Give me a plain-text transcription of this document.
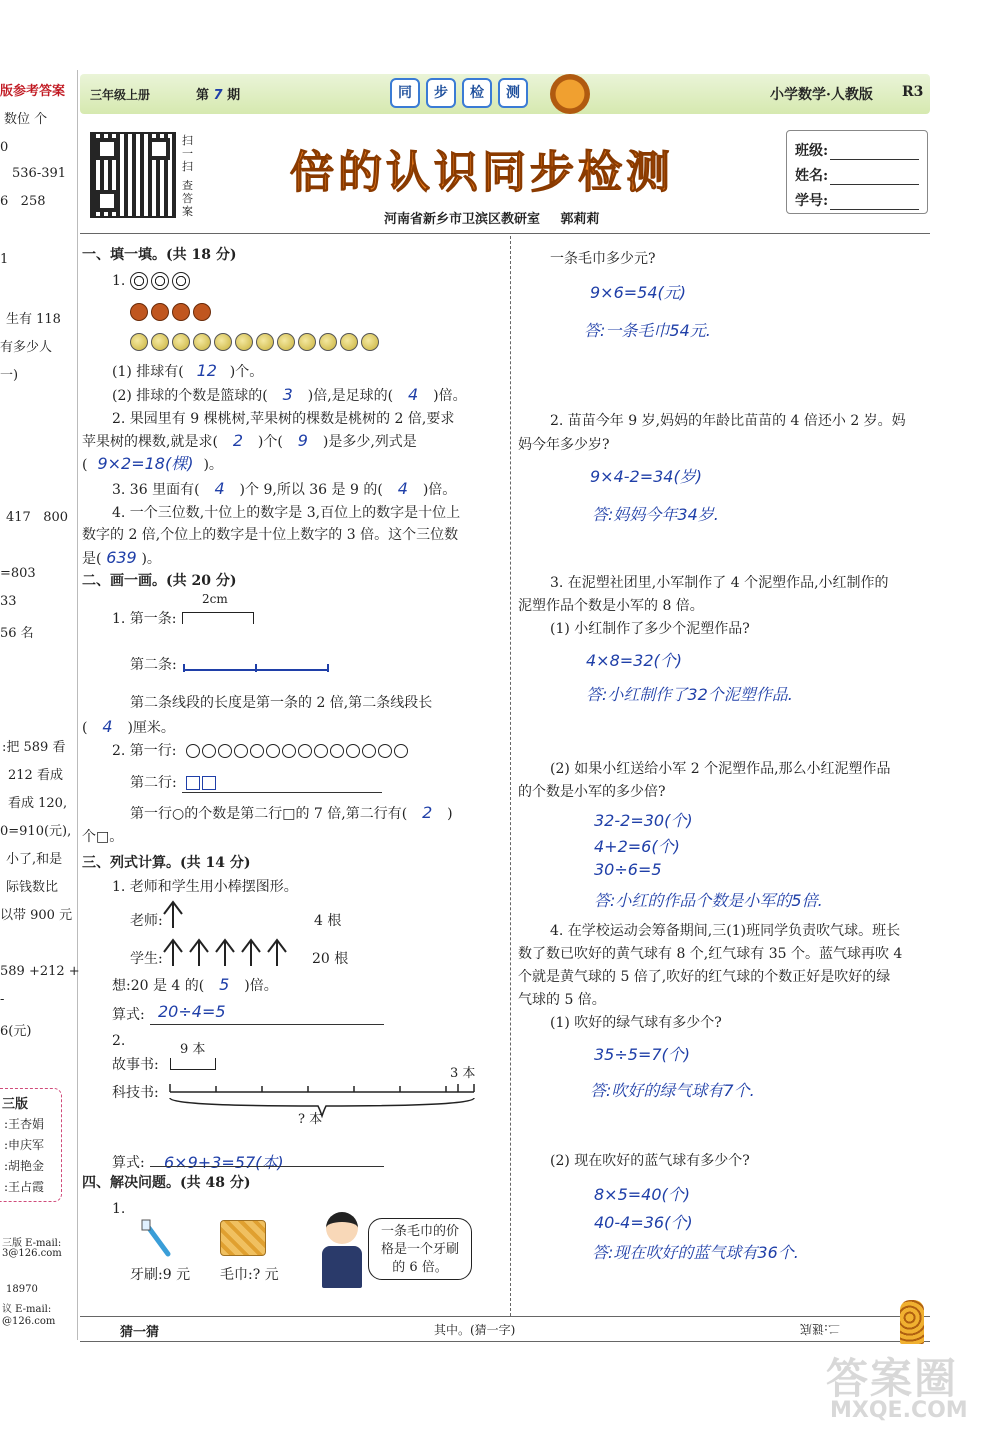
版参考答案
数位 个
0
536-391
6   258
1
生有 118
有多少人
一)
417   800
=803
33
56 名
:把 589 看
212 看成
看成 120,
0=910(元),
小了,和是
际钱数比
以带 900 元
589 +212 +
-
6(元)
三版
:王杏娟
:申庆军
:胡艳金
:王占霞
三版 E-mail:
3@126.com
18970
议 E-mail:
@126.com
三年级上册	第 7 期	同	步	检	测	小学数学·人教版 R3
扫一扫
查答案
倍的认识同步检测
河南省新乡市卫滨区教研室 郭莉莉
班级:
姓名:
学号:
一、填一填。(共 18 分)
1.
(1) 排球有( 12 )个。
(2) 排球的个数是篮球的( 3 )倍,是足球的( 4 )倍。
2. 果园里有 9 棵桃树,苹果树的棵数是桃树的 2 倍,要求
苹果树的棵数,就是求( 2 )个( 9 )是多少,列式是
( 9×2=18(棵) )。
3. 36 里面有( 4 )个 9,所以 36 是 9 的( 4 )倍。
4. 一个三位数,十位上的数字是 3,百位上的数字是十位上
数字的 2 倍,个位上的数字是十位上数字的 3 倍。这个三位数
是( 639 )。
二、画一画。(共 20 分)
1. 第一条:
2cm
第二条:
第二条线段的长度是第一条的 2 倍,第二条线段长
( 4 )厘米。
2. 第一行:
第二行:
第一行○的个数是第二行□的 7 倍,第二行有( 2 )
个□。
三、列式计算。(共 14 分)
1. 老师和学生用小棒摆图形。
老师:	4 根
学生:	20 根
想:20 是 4 的( 5 )倍。
算式: 20÷4=5
2.
9 本
故事书:
3 本
科技书:
? 本
算式: 6×9+3=57(本)
四、解决问题。(共 48 分)
1.
牙刷:9 元 毛巾:? 元
一条毛巾的价格是一个牙刷的 6 倍。
一条毛巾多少元?
9×6=54(元)
答:一条毛巾54元.
2. 苗苗今年 9 岁,妈妈的年龄比苗苗的 4 倍还小 2 岁。妈
妈今年多少岁?
9×4-2=34(岁)
答:妈妈今年34岁.
3. 在泥塑社团里,小军制作了 4 个泥塑作品,小红制作的
泥塑作品个数是小军的 8 倍。
(1) 小红制作了多少个泥塑作品?
4×8=32(个)
答:小红制作了32个泥塑作品.
(2) 如果小红送给小军 2 个泥塑作品,那么小红泥塑作品
的个数是小军的多少倍?
32-2=30(个)
4+2=6(个)
30÷6=5
答:小红的作品个数是小军的5倍.
4. 在学校运动会筹备期间,三(1)班同学负责吹气球。班长
数了数已吹好的黄气球有 8 个,红气球有 35 个。蓝气球再吹 4
个就是黄气球的 5 倍了,吹好的红气球的个数正好是吹好的绿
气球的 5 倍。
(1) 吹好的绿气球有多少个?
35÷5=7(个)
答:吹好的绿气球有7个.
(2) 现在吹好的蓝气球有多少个?
8×5=40(个)
40-4=36(个)
答:现在吹好的蓝气球有36个.
猜一猜	其中。(猜一字)	二:谜底
答案圈
MXQE.COM
